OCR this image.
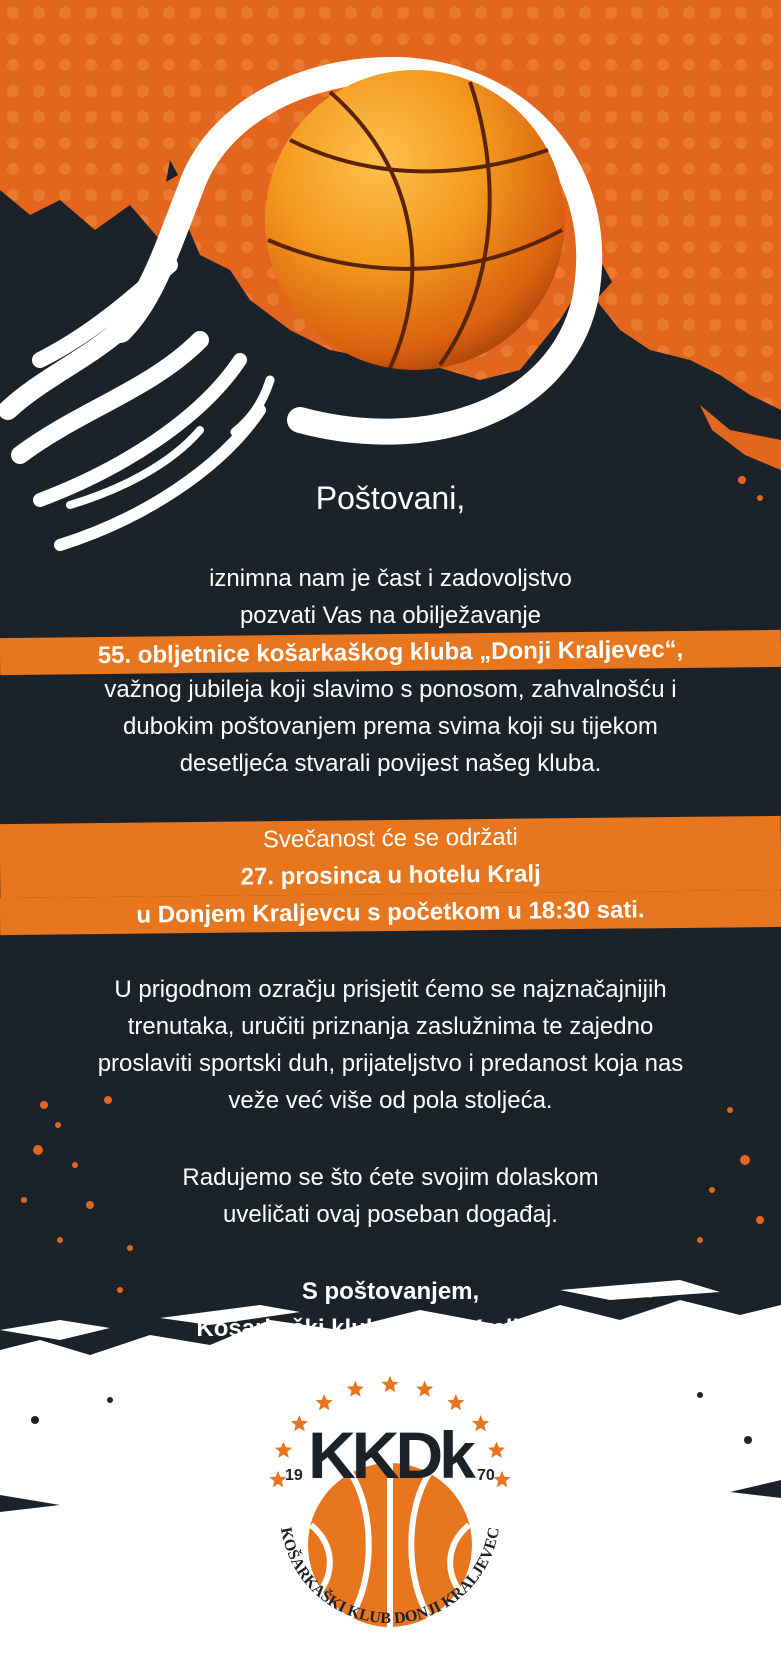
Poštovani,

iznimna nam je čast i zadovoljstvo
pozvati Vas na obilježavanje
55. obljetnice košarkaškog kluba „Donji Kraljevec“,
važnog jubileja koji slavimo s ponosom, zahvalnošću i
dubokim poštovanjem prema svima koji su tijekom
desetljeća stvarali povijest našeg kluba.

Svečanost će se održati
27. prosinca u hotelu Kralj
u Donjem Kraljevcu s početkom u 18:30 sati.

U prigodnom ozračju prisjetit ćemo se najznačajnijih
trenutaka, uručiti priznanja zaslužnima te zajedno
proslaviti sportski duh, prijateljstvo i predanost koja nas
veže već više od pola stoljeća.

Radujemo se što ćete svojim dolaskom
uveličati ovaj poseban događaj.

S poštovanjem,
Košarkaški klub „Donji Kraljevec“

KKDk
19	70
KOŠARKAŠKI KLUB DONJI KRALJEVEC
